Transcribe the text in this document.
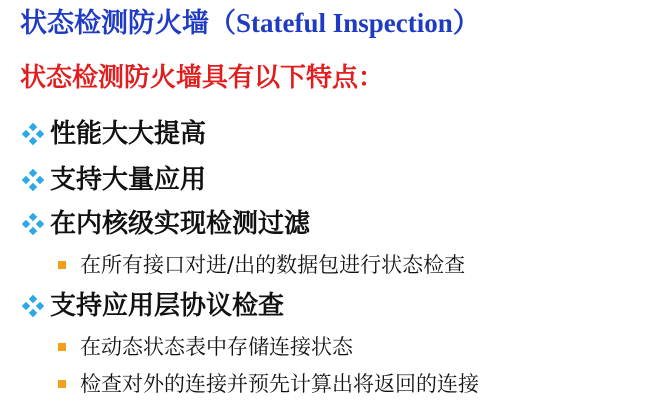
状态检测防火墙（Stateful Inspection）
状态检测防火墙具有以下特点：
性能大大提高
支持大量应用
在内核级实现检测过滤
在所有接口对进/出的数据包进行状态检查
支持应用层协议检查
在动态状态表中存储连接状态
检查对外的连接并预先计算出将返回的连接
